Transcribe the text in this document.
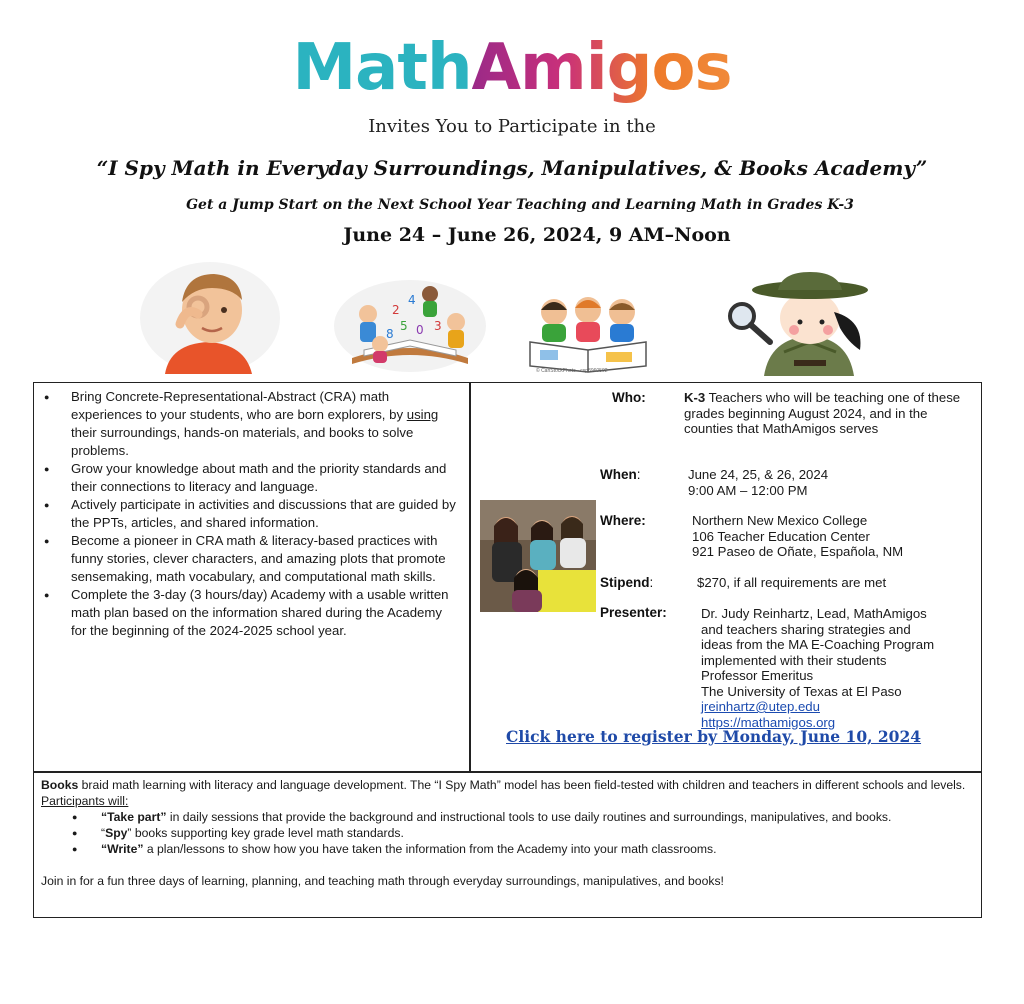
MathAmigos
Invites You to Participate in the
“I Spy Math in Everyday Surroundings, Manipulatives, & Books Academy”
Get a Jump Start on the Next School Year Teaching and Learning Math in Grades K-3
June 24 – June 26, 2024, 9 AM–Noon
2
4
5 0 3
8
© CanStockPhoto · csp8960502
● Bring Concrete-Representational-Abstract (CRA) math experiences to your students, who are born explorers, by using their surroundings, hands-on materials, and books to solve problems.
● Grow your knowledge about math and the priority standards and their connections to literacy and language.
● Actively participate in activities and discussions that are guided by the PPTs, articles, and shared information.
● Become a pioneer in CRA math & literacy-based practices with funny stories, clever characters, and amazing plots that promote sensemaking, math vocabulary, and computational math skills.
● Complete the 3-day (3 hours/day) Academy with a usable written math plan based on the information shared during the Academy for the beginning of the 2024-2025 school year.
Who:	K-3 Teachers who will be teaching one of these grades beginning August 2024, and in the counties that MathAmigos serves
When:	June 24, 25, & 26, 2024
9:00 AM – 12:00 PM
Where:	Northern New Mexico College
106 Teacher Education Center
921 Paseo de Oñate, Española, NM
Stipend:	$270, if all requirements are met
Presenter:	Dr. Judy Reinhartz, Lead, MathAmigos
and teachers sharing strategies and
ideas from the MA E-Coaching Program
implemented with their students
Professor Emeritus
The University of Texas at El Paso
jreinhartz@utep.edu
https://mathamigos.org
Click here to register by Monday, June 10, 2024
Books braid math learning with literacy and language development. The “I Spy Math” model has been field-tested with children and teachers in different schools and levels. Participants will:
● “Take part” in daily sessions that provide the background and instructional tools to use daily routines and surroundings, manipulatives, and books.
● “Spy” books supporting key grade level math standards.
● “Write” a plan/lessons to show how you have taken the information from the Academy into your math classrooms.
Join in for a fun three days of learning, planning, and teaching math through everyday surroundings, manipulatives, and books!
